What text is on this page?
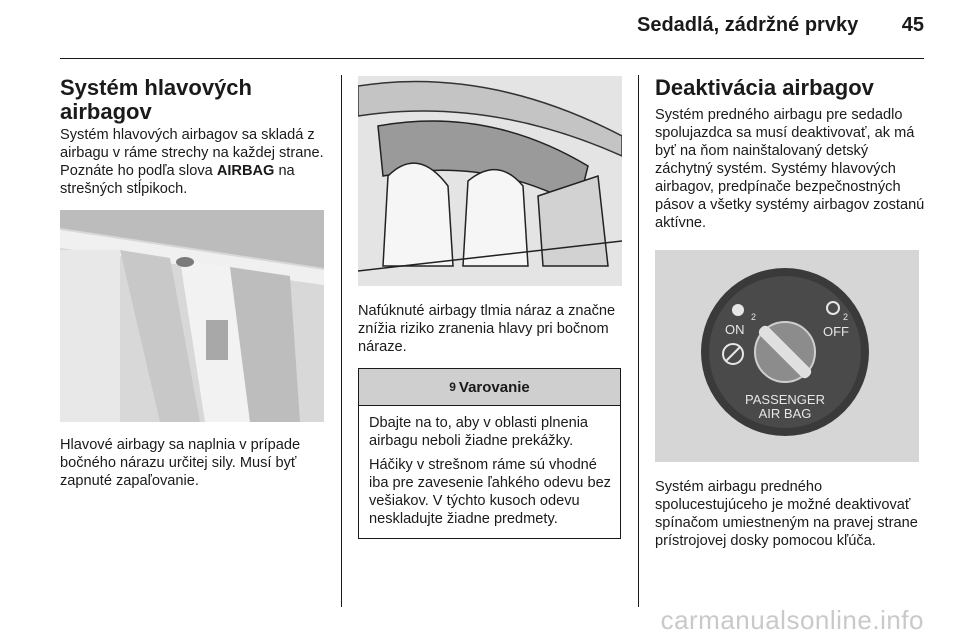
Sedadlá, zádržné prvky 45
Systém hlavových airbagov

Systém hlavových airbagov sa skladá z airbagu v ráme strechy na každej strane. Poznáte ho podľa slova AIRBAG na strešných stĺpikoch.

Hlavové airbagy sa naplnia v prípade bočného nárazu určitej sily. Musí byť zapnuté zapaľovanie.

Nafúknuté airbagy tlmia náraz a značne znížia riziko zranenia hlavy pri bočnom náraze.

9 Varovanie

Dbajte na to, aby v oblasti plnenia airbagu neboli žiadne prekážky.

Háčiky v strešnom ráme sú vhodné iba pre zavesenie ľahkého odevu bez vešiakov. V týchto kusoch odevu neskladujte žiadne predmety.

Deaktivácia airbagov

Systém predného airbagu pre sedadlo spolujazdca sa musí deaktivovať, ak má byť na ňom nainštalovaný detský záchytný systém. Systémy hlavových airbagov, predpínače bezpečnostných pásov a všetky systémy airbagov zostanú aktívne.

2	2
ON	OFF
PASSENGER
AIR BAG

Systém airbagu predného spolucestujúceho je možné deaktivovať spínačom umiestneným na pravej strane prístrojovej dosky pomocou kľúča.

carmanualsonline.info
